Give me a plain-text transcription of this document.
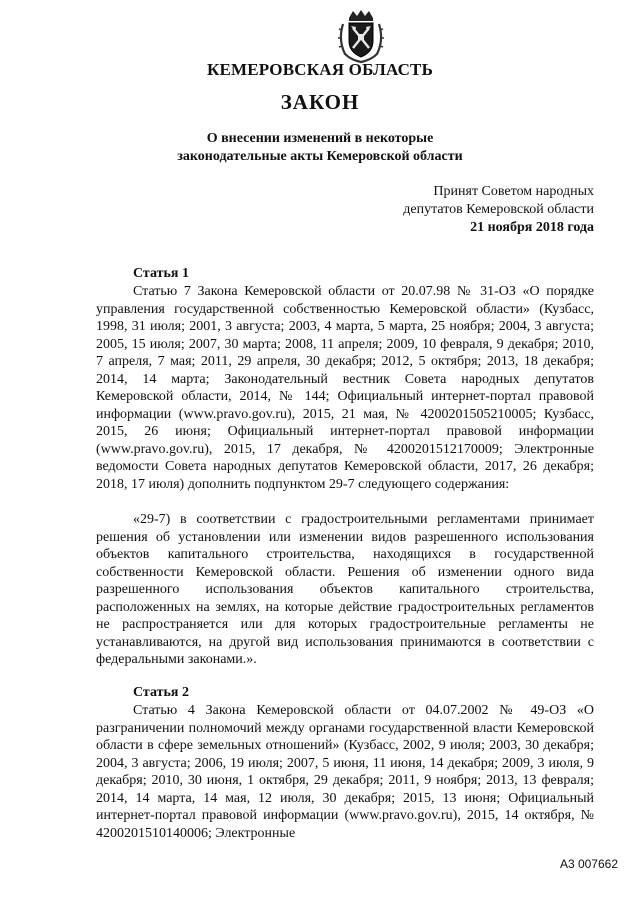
КЕМЕРОВСКАЯ ОБЛАСТЬ
ЗАКОН
О внесении изменений в некоторые
законодательные акты Кемеровской области
Принят Советом народных
депутатов Кемеровской области
21 ноября 2018 года
Статья 1

Статью 7 Закона Кемеровской области от 20.07.98 № 31-ОЗ «О порядке управления государственной собственностью Кемеровской области» (Кузбасс, 1998, 31 июля; 2001, 3 августа; 2003, 4 марта, 5 марта, 25 ноября; 2004, 3 августа; 2005, 15 июля; 2007, 30 марта; 2008, 11 апреля; 2009, 10 февраля, 9 декабря; 2010, 7 апреля, 7 мая; 2011, 29 апреля, 30 декабря; 2012, 5 октября; 2013, 18 декабря; 2014, 14 марта; Законодательный вестник Совета народных депутатов Кемеровской области, 2014, № 144; Официальный интернет-портал правовой информации (www.pravo.gov.ru), 2015, 21 мая, № 4200201505210005; Кузбасс, 2015, 26 июня; Официальный интернет-портал правовой информации (www.pravo.gov.ru), 2015, 17 декабря, № 4200201512170009; Электронные ведомости Совета народных депутатов Кемеровской области, 2017, 26 декабря; 2018, 17 июля) дополнить подпунктом 29-7 следующего содержания:

«29-7) в соответствии с градостроительными регламентами принимает решения об установлении или изменении видов разрешенного использования объектов капитального строительства, находящихся в государственной собственности Кемеровской области. Решения об изменении одного вида разрешенного использования объектов капитального строительства, расположенных на землях, на которые действие градостроительных регламентов не распространяется или для которых градостроительные регламенты не устанавливаются, на другой вид использования принимаются в соответствии с федеральными законами.».

Статья 2

Статью 4 Закона Кемеровской области от 04.07.2002 № 49-ОЗ «О разграничении полномочий между органами государственной власти Кемеровской области в сфере земельных отношений» (Кузбасс, 2002, 9 июля; 2003, 30 декабря; 2004, 3 августа; 2006, 19 июля; 2007, 5 июня, 11 июня, 14 декабря; 2009, 3 июля, 9 декабря; 2010, 30 июня, 1 октября, 29 декабря; 2011, 9 ноября; 2013, 13 февраля; 2014, 14 марта, 14 мая, 12 июля, 30 декабря; 2015, 13 июня; Официальный интернет-портал правовой информации (www.pravo.gov.ru), 2015, 14 октября, № 4200201510140006; Электронные

А3 007662
